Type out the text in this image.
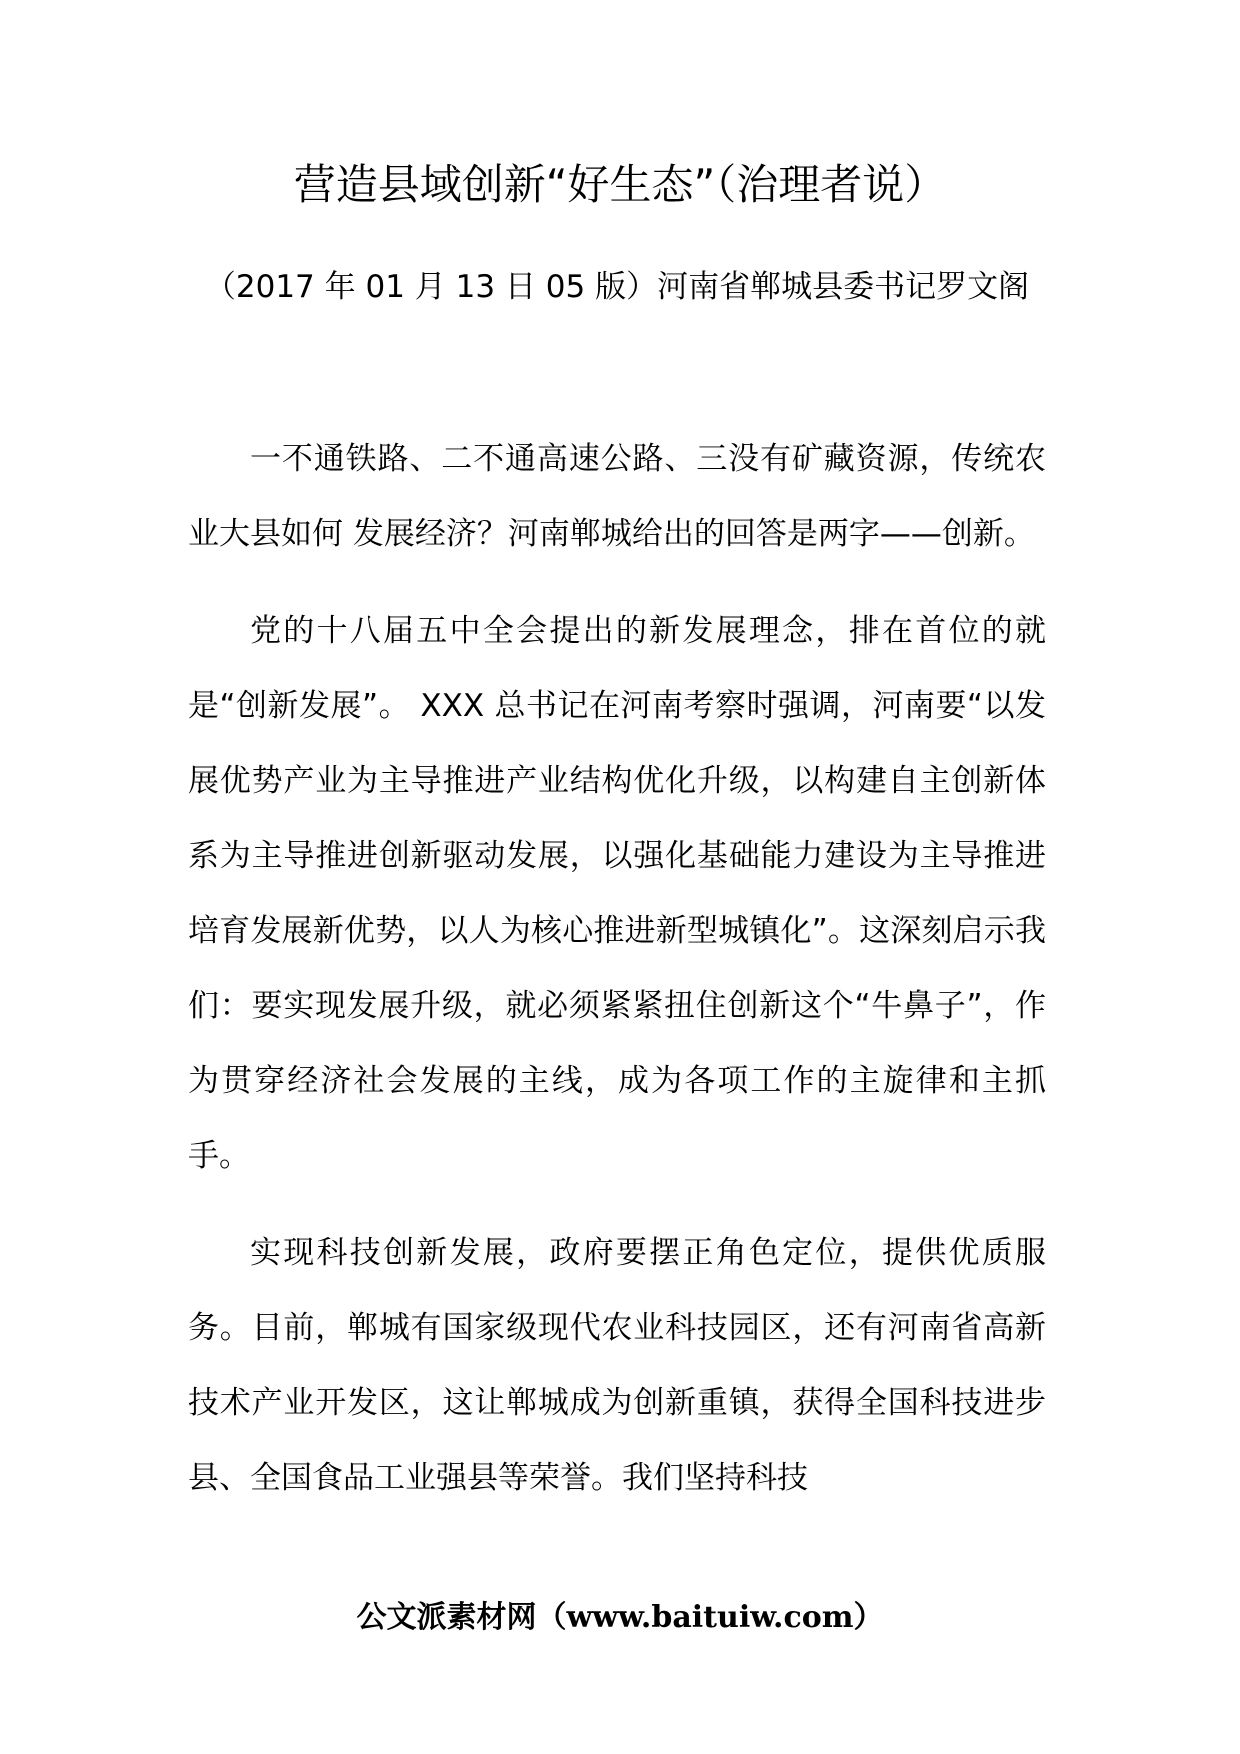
营造县域创新“好生态”（治理者说）
（2017 年 01 月 13 日 05 版）河南省郸城县委书记罗文阁

一不通铁路、二不通高速公路、三没有矿藏资源，传统农业大县如何 发展经济？河南郸城给出的回答是两字——创新。

党的十八届五中全会提出的新发展理念，排在首位的就是“创新发展”。 XXX 总书记在河南考察时强调，河南要“以发展优势产业为主导推进产业结构优化升级，以构建自主创新体系为主导推进创新驱动发展，以强化基础能力建设为主导推进培育发展新优势，以人为核心推进新型城镇化”。这深刻启示我们：要实现发展升级，就必须紧紧扭住创新这个“牛鼻子”，作为贯穿经济社会发展的主线，成为各项工作的主旋律和主抓手。

实现科技创新发展，政府要摆正角色定位，提供优质服务。目前，郸城有国家级现代农业科技园区，还有河南省高新技术产业开发区，这让郸城成为创新重镇，获得全国科技进步县、全国食品工业强县等荣誉。我们坚持科技

公文派素材网（www.baituiw.com）
